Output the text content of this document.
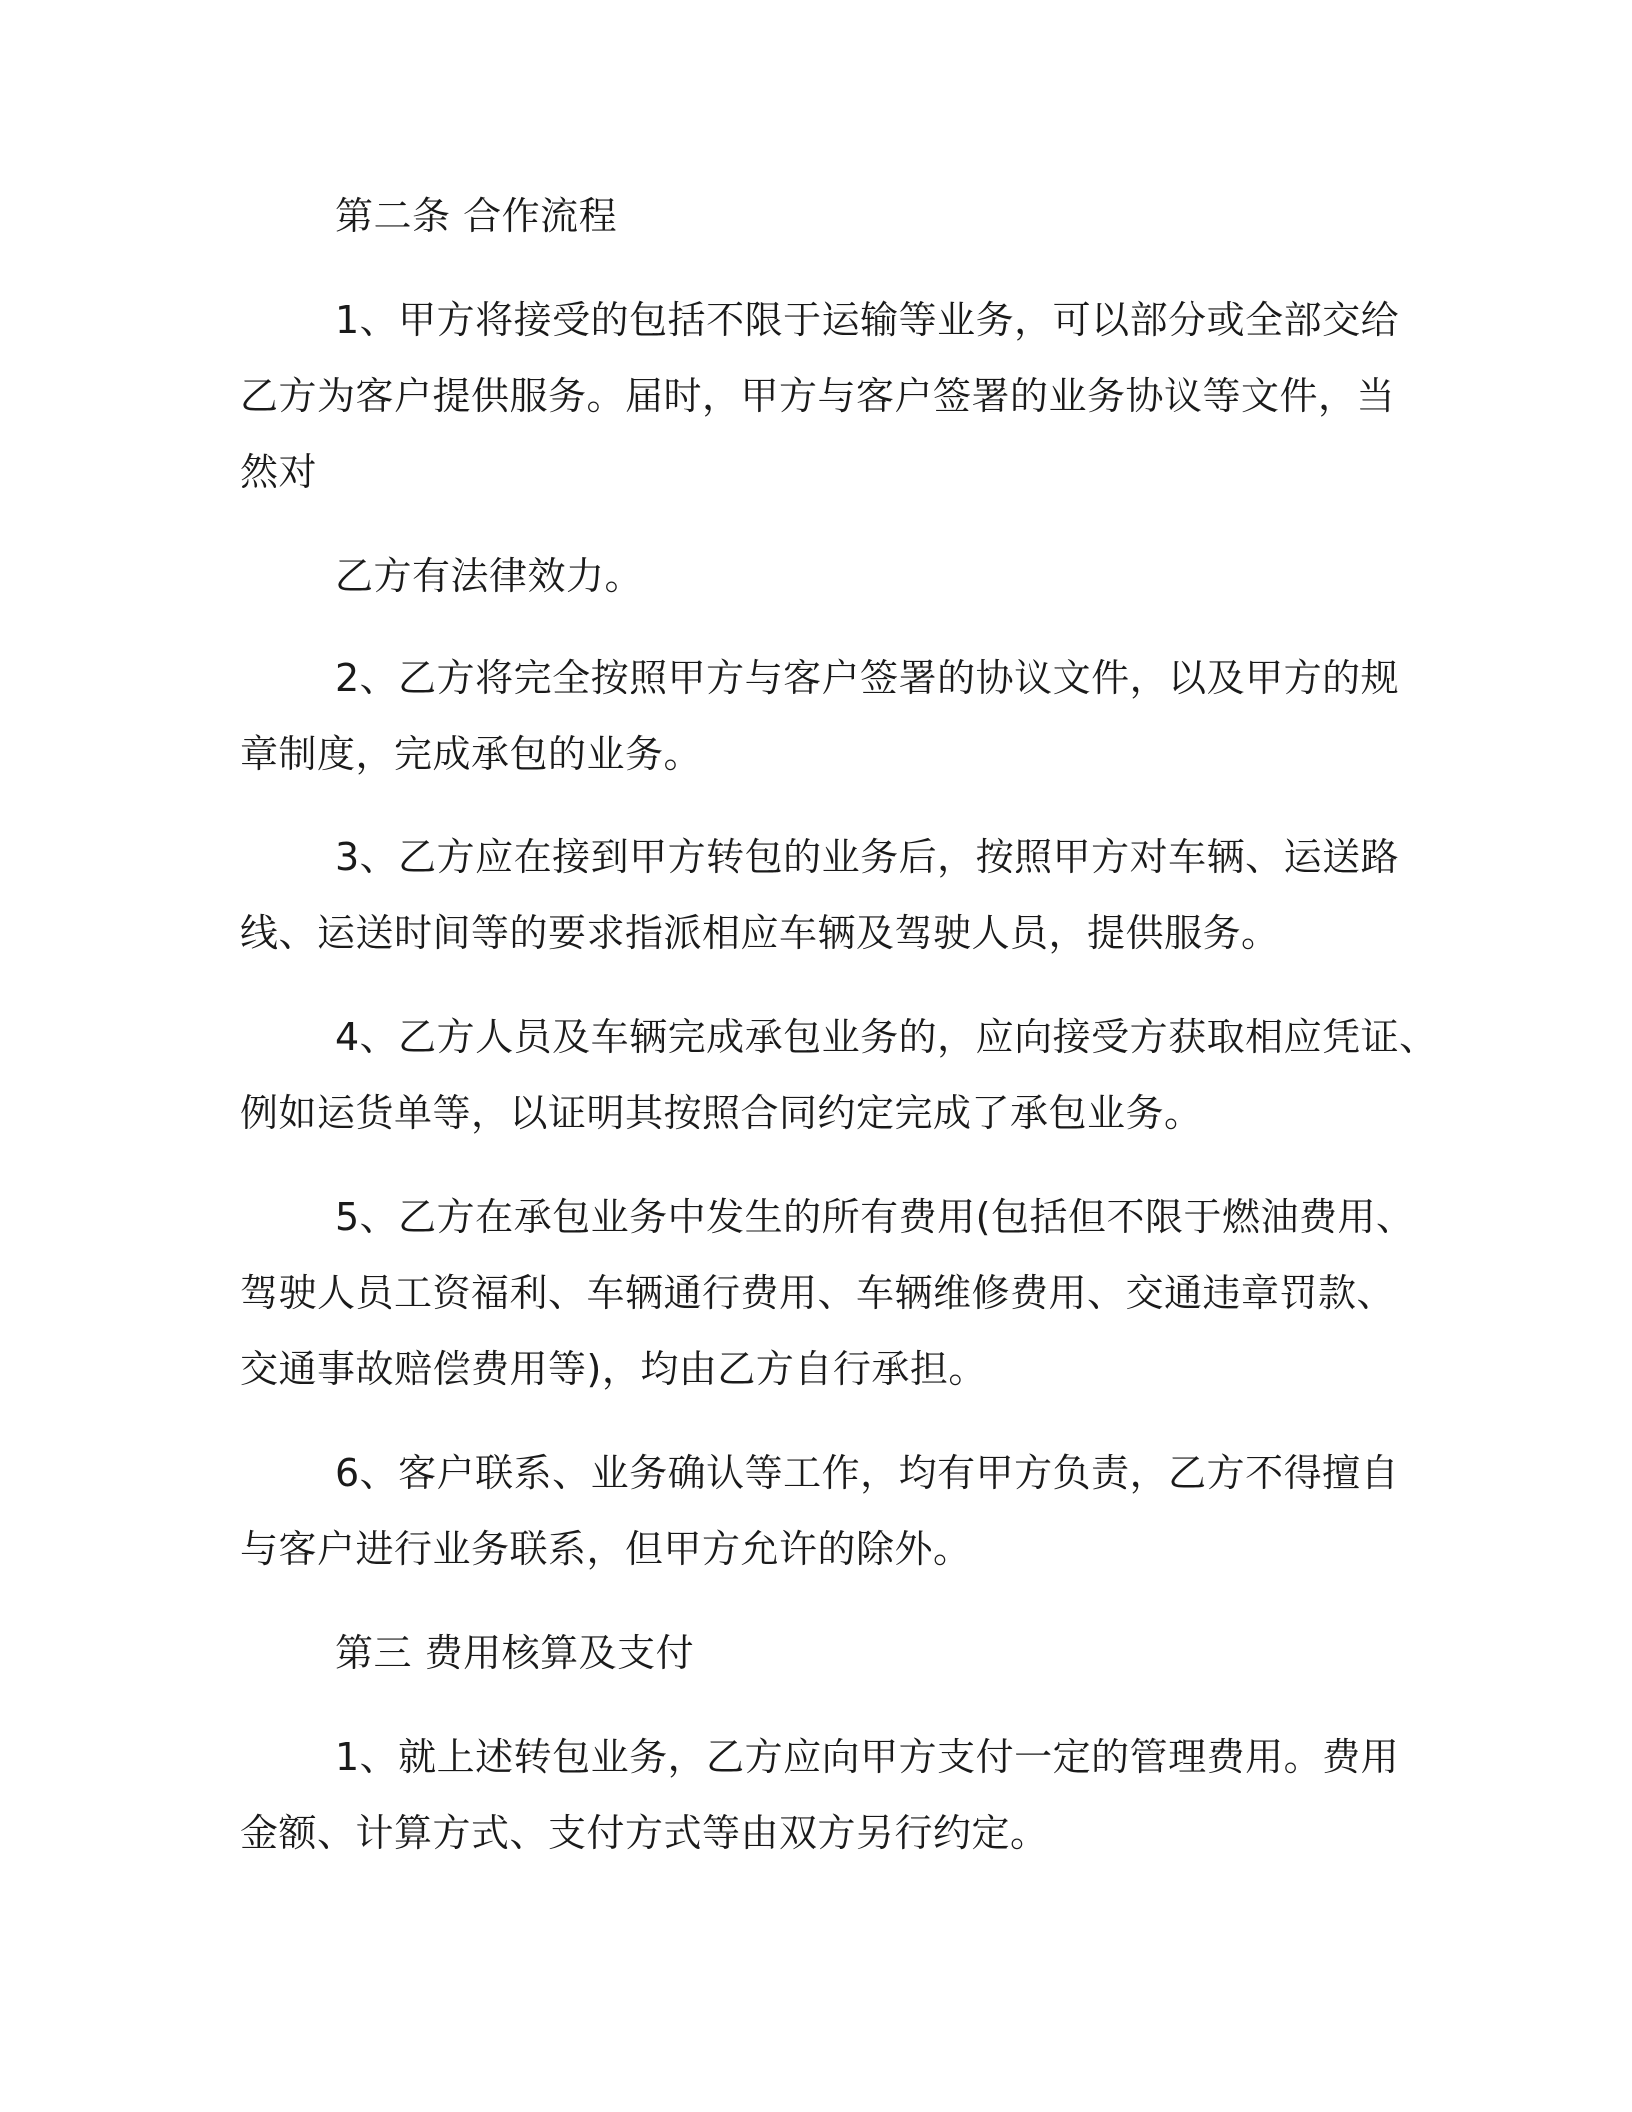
第二条 合作流程
1、甲方将接受的包括不限于运输等业务，可以部分或全部交给
乙方为客户提供服务。届时，甲方与客户签署的业务协议等文件，当
然对
乙方有法律效力。
2、乙方将完全按照甲方与客户签署的协议文件，以及甲方的规
章制度，完成承包的业务。
3、乙方应在接到甲方转包的业务后，按照甲方对车辆、运送路
线、运送时间等的要求指派相应车辆及驾驶人员，提供服务。
4、乙方人员及车辆完成承包业务的，应向接受方获取相应凭证、
例如运货单等，以证明其按照合同约定完成了承包业务。
5、乙方在承包业务中发生的所有费用(包括但不限于燃油费用、
驾驶人员工资福利、车辆通行费用、车辆维修费用、交通违章罚款、
交通事故赔偿费用等)，均由乙方自行承担。
6、客户联系、业务确认等工作，均有甲方负责，乙方不得擅自
与客户进行业务联系，但甲方允许的除外。
第三 费用核算及支付
1、就上述转包业务，乙方应向甲方支付一定的管理费用。费用
金额、计算方式、支付方式等由双方另行约定。
